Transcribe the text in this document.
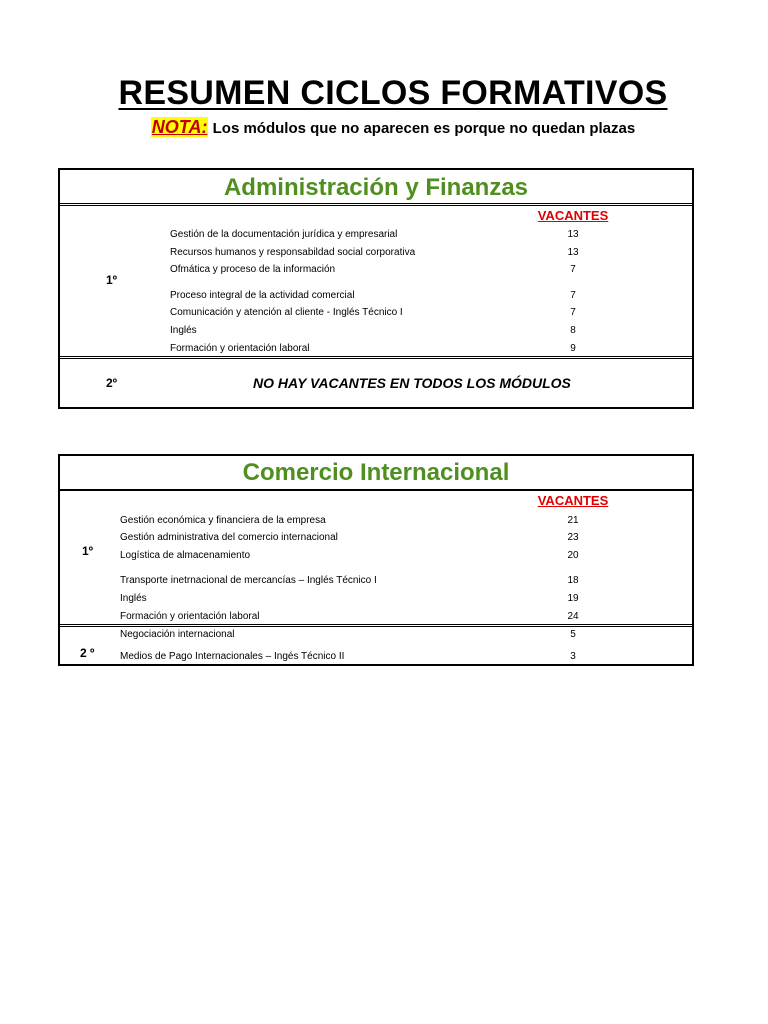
RESUMEN CICLOS FORMATIVOS
NOTA: Los módulos que no aparecen es porque no quedan plazas
Administración y Finanzas
VACANTES
Gestión de la documentación jurídica y empresarial	13
Recursos humanos y responsabildad social corporativa	13
Ofmática y proceso de la información	7
Proceso integral de la actividad comercial	7
Comunicación y atención al cliente - Inglés Técnico I	7
Inglés	8
Formación y orientación laboral	9
1º
2º	NO HAY VACANTES EN TODOS LOS MÓDULOS
Comercio Internacional
VACANTES
Gestión económica y financiera de la empresa	21
Gestión administrativa del comercio internacional	23
Logística de almacenamiento	20
Transporte inetrnacional de mercancías – Inglés Técnico I	18
Inglés	19
Formación y orientación laboral	24
1º
Negociación internacional	5
Medios de Pago Internacionales – Ingés Técnico II	3
2 º
